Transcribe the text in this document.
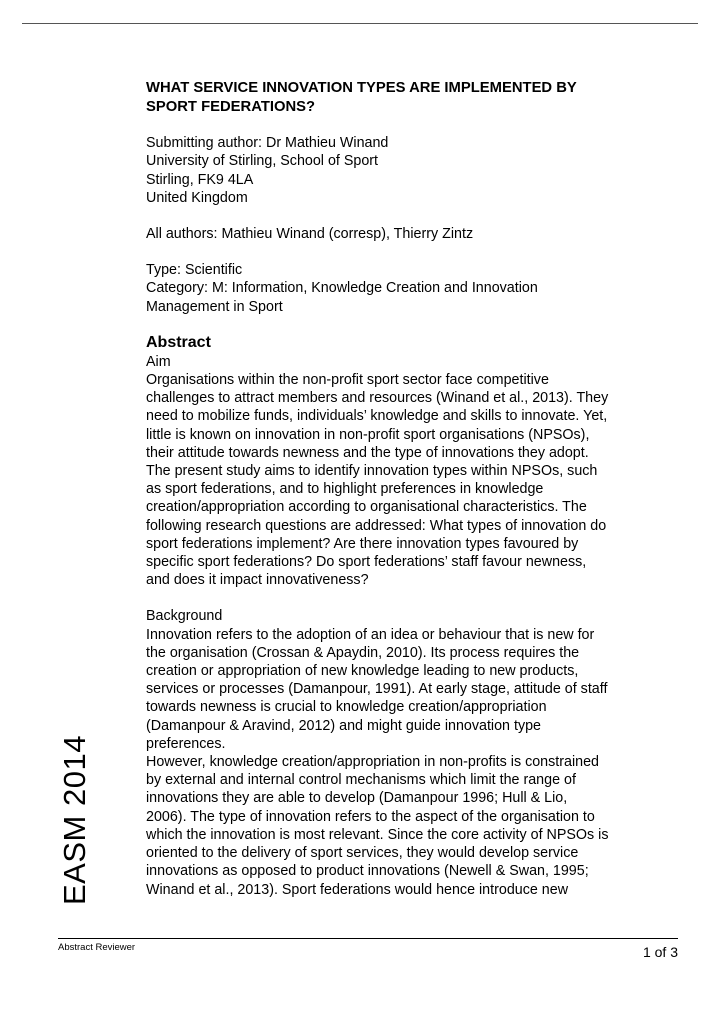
WHAT SERVICE INNOVATION TYPES ARE IMPLEMENTED BY
SPORT FEDERATIONS?
Submitting author: Dr Mathieu Winand
University of Stirling, School of Sport
Stirling, FK9 4LA
United Kingdom
All authors: Mathieu Winand (corresp), Thierry Zintz
Type: Scientific
Category: M: Information, Knowledge Creation and Innovation
Management in Sport
Abstract
Aim
Organisations within the non-profit sport sector face competitive
challenges to attract members and resources (Winand et al., 2013). They
need to mobilize funds, individuals’ knowledge and skills to innovate. Yet,
little is known on innovation in non-profit sport organisations (NPSOs),
their attitude towards newness and the type of innovations they adopt.
The present study aims to identify innovation types within NPSOs, such
as sport federations, and to highlight preferences in knowledge
creation/appropriation according to organisational characteristics. The
following research questions are addressed: What types of innovation do
sport federations implement? Are there innovation types favoured by
specific sport federations? Do sport federations’ staff favour newness,
and does it impact innovativeness?
Background
Innovation refers to the adoption of an idea or behaviour that is new for
the organisation (Crossan & Apaydin, 2010). Its process requires the
creation or appropriation of new knowledge leading to new products,
services or processes (Damanpour, 1991). At early stage, attitude of staff
towards newness is crucial to knowledge creation/appropriation
(Damanpour & Aravind, 2012) and might guide innovation type
preferences.
However, knowledge creation/appropriation in non-profits is constrained
by external and internal control mechanisms which limit the range of
innovations they are able to develop (Damanpour 1996; Hull & Lio,
2006). The type of innovation refers to the aspect of the organisation to
which the innovation is most relevant. Since the core activity of NPSOs is
oriented to the delivery of sport services, they would develop service
innovations as opposed to product innovations (Newell & Swan, 1995;
Winand et al., 2013). Sport federations would hence introduce new
EASM 2014
Abstract Reviewer	1 of 3
